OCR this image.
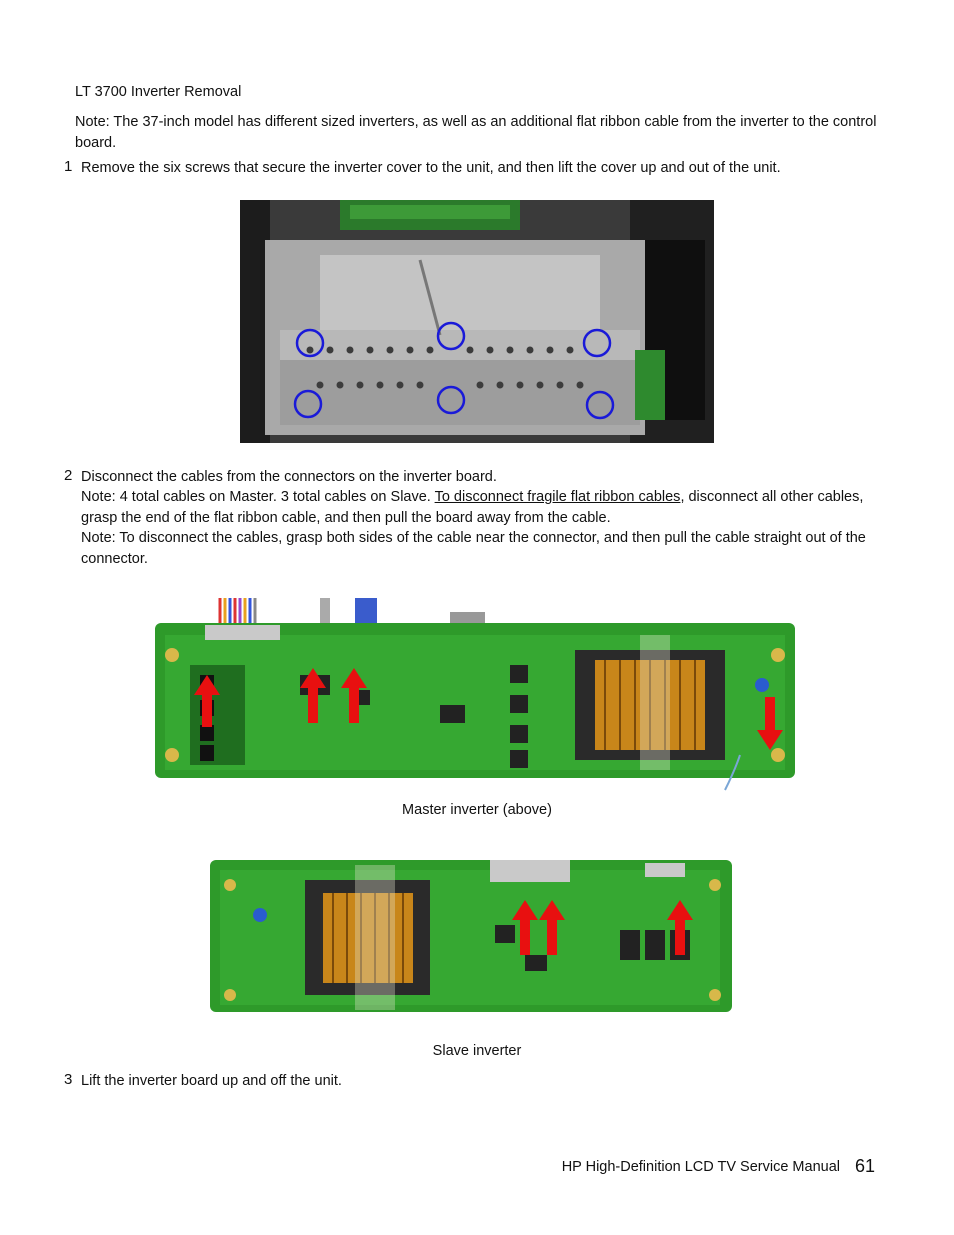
LT 3700 Inverter Removal
Note: The 37-inch model has different sized inverters, as well as an additional flat ribbon cable from the inverter to the control board.
1 Remove the six screws that secure the inverter cover to the unit, and then lift the cover up and out of the unit.
2 Disconnect the cables from the connectors on the inverter board.
Note: 4 total cables on Master. 3 total cables on Slave. To disconnect fragile flat ribbon cables, disconnect all other cables, grasp the end of the flat ribbon cable, and then pull the board away from the cable.
Note: To disconnect the cables, grasp both sides of the cable near the connector, and then pull the cable straight out of the connector.
Master inverter (above)
Slave inverter
3 Lift the inverter board up and off the unit.
HP High-Definition LCD TV Service Manual 61
